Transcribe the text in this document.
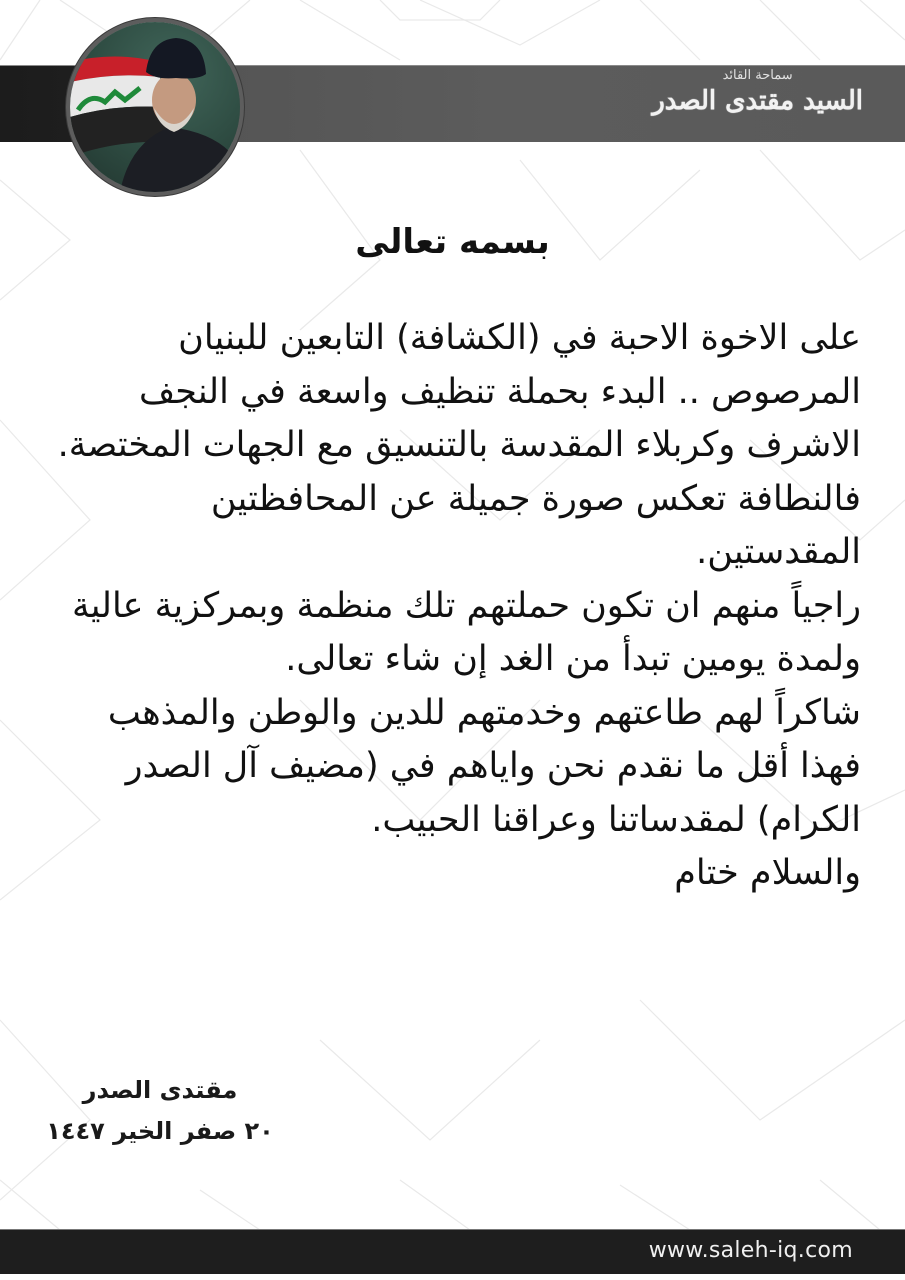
سماحة القائد
السيد مقتدى الصدر
بسمه تعالى
على الاخوة الاحبة في (الكشافة) التابعين للبنيان
المرصوص .. البدء بحملة تنظيف واسعة في النجف
الاشرف وكربلاء المقدسة بالتنسيق مع الجهات المختصة.
فالنطافة تعكس صورة جميلة عن المحافظتين
المقدستين.
راجياً منهم ان تكون حملتهم تلك منظمة وبمركزية عالية
ولمدة يومين تبدأ من الغد إن شاء تعالى.
شاكراً لهم طاعتهم وخدمتهم للدين والوطن والمذهب
فهذا أقل ما نقدم نحن واياهم في (مضيف آل الصدر
الكرام) لمقدساتنا وعراقنا الحبيب.
والسلام ختام
مقتدى الصدر
٢٠ صفر الخير ١٤٤٧
www.saleh-iq.com
